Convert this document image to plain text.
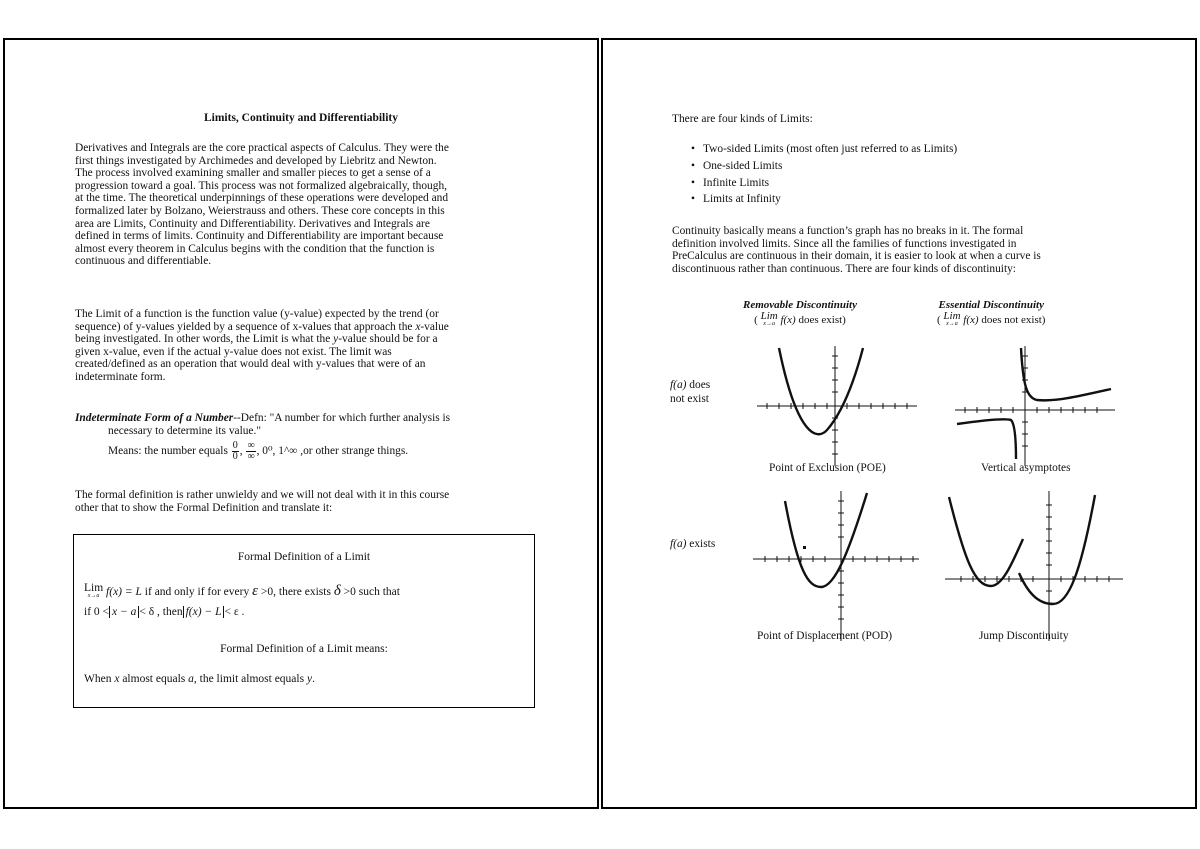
Limits, Continuity and Differentiability
Derivatives and Integrals are the core practical aspects of Calculus. They were the
first things investigated by Archimedes and developed by Liebritz and Newton.
The process involved examining smaller and smaller pieces to get a sense of a
progression toward a goal. This process was not formalized algebraically, though,
at the time. The theoretical underpinnings of these operations were developed and
formalized later by Bolzano, Weierstrauss and others. These core concepts in this
area are Limits, Continuity and Differentiability. Derivatives and Integrals are
defined in terms of limits. Continuity and Differentiability are important because
almost every theorem in Calculus begins with the condition that the function is
continuous and differentiable.
The Limit of a function is the function value (y-value) expected by the trend (or
sequence) of y-values yielded by a sequence of x-values that approach the x-value
being investigated. In other words, the Limit is what the y-value should be for a
given x-value, even if the actual y-value does not exist. The limit was
created/defined as an operation that would deal with y-values that were of an
indeterminate form.
Indeterminate Form of a Number--Defn: "A number for which further analysis is
necessary to determine its value."
Means: the number equals $\frac{0}{0}$ , $\frac{\infty}{\infty}$ , 0⁰, 1^∞ ,or other strange things.
The formal definition is rather unwieldy and we will not deal with it in this course
other that to show the Formal Definition and translate it:
Formal Definition of a Limit
Lim
x→a f(x) = L if and only if for every ε >0, there exists δ >0 such that
if 0 < x − a < δ , then f(x) − L < ε .
Formal Definition of a Limit means:
When x almost equals a, the limit almost equals y.
There are four kinds of Limits:
• Two-sided Limits (most often just referred to as Limits)
• One-sided Limits
• Infinite Limits
• Limits at Infinity
Continuity basically means a function’s graph has no breaks in it. The formal
definition involved limits. Since all the families of functions investigated in
PreCalculus are continuous in their domain, it is easier to look at when a curve is
discontinuous rather than continuous. There are four kinds of discontinuity:
Removable Discontinuity
( Lim
x→a f(x) does exist)
Essential Discontinuity
( Lim
x→a f(x) does not exist)
f(a) does
not exist
f(a) exists
Point of Exclusion (POE)	Vertical asymptotes
Point of Displacement (POD)	Jump Discontinuity
